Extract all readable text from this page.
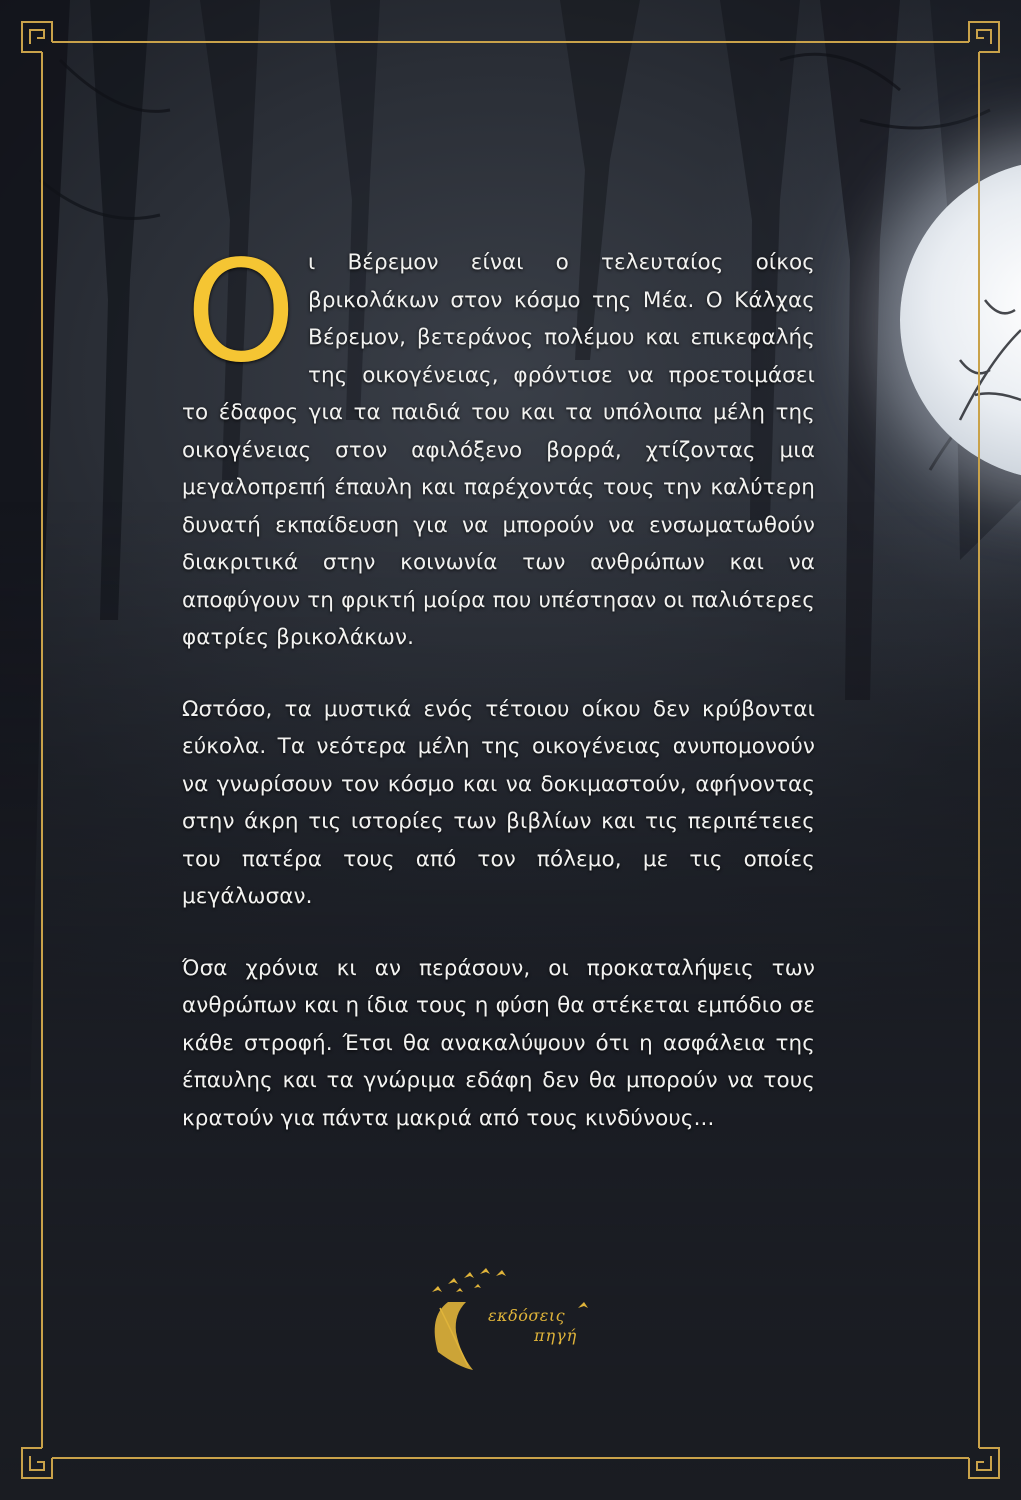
Ο ι Βέρεμον είναι ο τελευταίος οίκος βρικολάκων στον κόσμο της Μέα. Ο Κάλχας Βέρεμον, βετεράνος πολέμου και επικεφαλής της οικογένειας, φρόντισε να προετοιμάσει το έδαφος για τα παιδιά του και τα υπόλοιπα μέλη της οικογένειας στον αφιλόξενο βορρά, χτίζοντας μια μεγαλοπρεπή έπαυλη και παρέχοντάς τους την καλύτερη δυνατή εκπαίδευση για να μπορούν να ενσωματωθούν διακριτικά στην κοινωνία των ανθρώπων και να αποφύγουν τη φρικτή μοίρα που υπέστησαν οι παλιότερες φατρίες βρικολάκων.

Ωστόσο, τα μυστικά ενός τέτοιου οίκου δεν κρύβονται εύκολα. Τα νεότερα μέλη της οικογένειας ανυπομονούν να γνωρίσουν τον κόσμο και να δοκιμαστούν, αφήνοντας στην άκρη τις ιστορίες των βιβλίων και τις περιπέτειες του πατέρα τους από τον πόλεμο, με τις οποίες μεγάλωσαν.

Όσα χρόνια κι αν περάσουν, οι προκαταλήψεις των ανθρώπων και η ίδια τους η φύση θα στέκεται εμπόδιο σε κάθε στροφή. Έτσι θα ανακαλύψουν ότι η ασφάλεια της έπαυλης και τα γνώριμα εδάφη δεν θα μπορούν να τους κρατούν για πάντα μακριά από τους κινδύνους...

εκδόσεις
πηγή
